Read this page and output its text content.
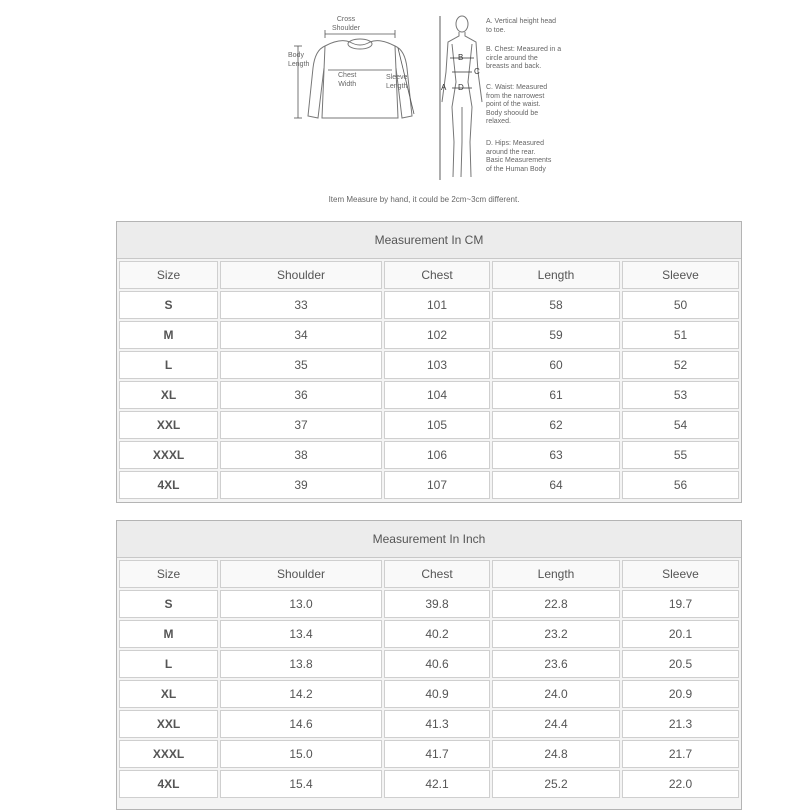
Cross
Shoulder
Body
Length
Chest
Width
Sleeve
Length	A
B
C
D
A. Vertical height head
to toe.
B. Chest: Measured in a
circle around the
breasts and back.
C. Waist: Measured
from the narrowest
point of the waist.
Body shoould be
relaxed.
D. Hips: Measured
around the rear.
Basic Measurements
of the Human Body
Item Measure by hand, it could be 2cm~3cm different.
Measurement In CM
Size	Shoulder	Chest	Length	Sleeve
S	33	101	58	50
M	34	102	59	51
L	35	103	60	52
XL	36	104	61	53
XXL	37	105	62	54
XXXL	38	106	63	55
4XL	39	107	64	56
Measurement In Inch
Size	Shoulder	Chest	Length	Sleeve
S	13.0	39.8	22.8	19.7
M	13.4	40.2	23.2	20.1
L	13.8	40.6	23.6	20.5
XL	14.2	40.9	24.0	20.9
XXL	14.6	41.3	24.4	21.3
XXXL	15.0	41.7	24.8	21.7
4XL	15.4	42.1	25.2	22.0
